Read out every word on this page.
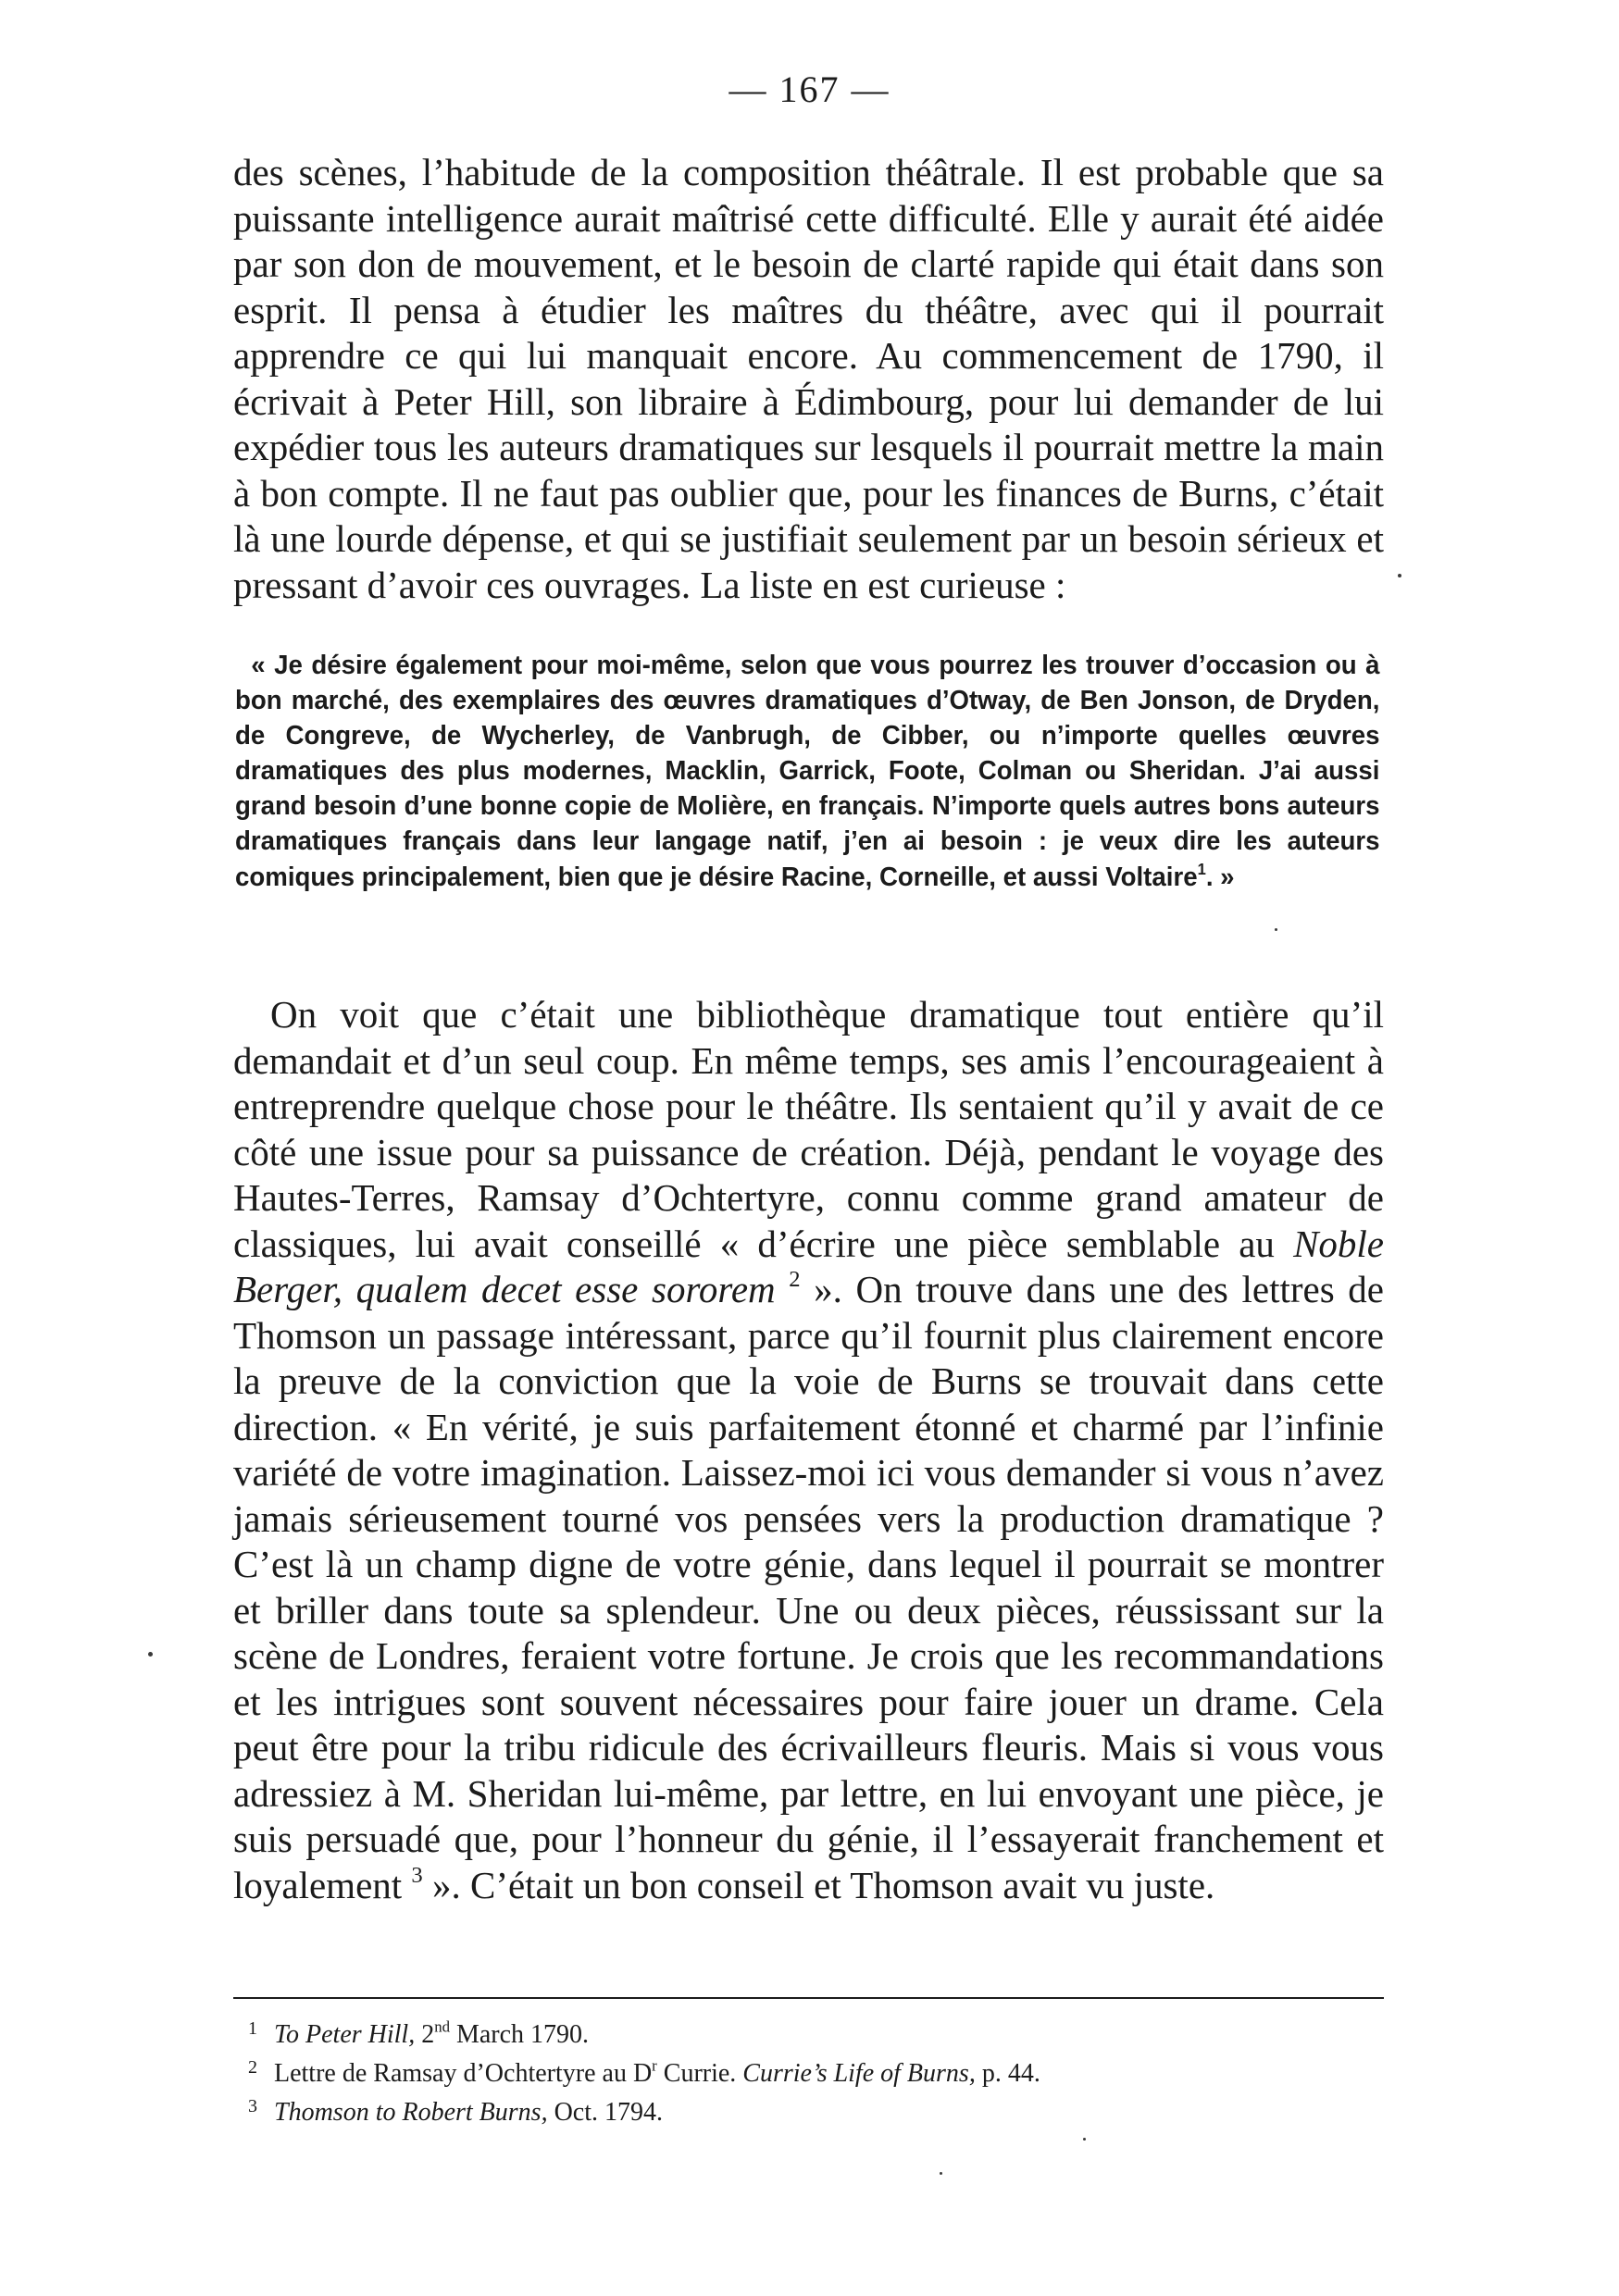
— 167 —

des scènes, l’habitude de la composition théâtrale. Il est probable que sa puissante intelligence aurait maîtrisé cette difficulté. Elle y aurait été aidée par son don de mouvement, et le besoin de clarté rapide qui était dans son esprit. Il pensa à étudier les maîtres du théâtre, avec qui il pourrait apprendre ce qui lui manquait encore. Au commencement de 1790, il écrivait à Peter Hill, son libraire à Édimbourg, pour lui demander de lui expédier tous les auteurs dramatiques sur lesquels il pourrait mettre la main à bon compte. Il ne faut pas oublier que, pour les finances de Burns, c’était là une lourde dépense, et qui se justifiait seulement par un besoin sérieux et pressant d’avoir ces ouvrages. La liste en est curieuse :

« Je désire également pour moi-même, selon que vous pourrez les trouver d’occasion ou à bon marché, des exemplaires des œuvres dramatiques d’Otway, de Ben Jonson, de Dryden, de Congreve, de Wycherley, de Vanbrugh, de Cibber, ou n’importe quelles œuvres dramatiques des plus modernes, Macklin, Garrick, Foote, Colman ou Sheridan. J’ai aussi grand besoin d’une bonne copie de Molière, en français. N’importe quels autres bons auteurs dramatiques français dans leur langage natif, j’en ai besoin : je veux dire les auteurs comiques principalement, bien que je désire Racine, Corneille, et aussi Voltaire$^1$. »

On voit que c’était une bibliothèque dramatique tout entière qu’il demandait et d’un seul coup. En même temps, ses amis l’encourageaient à entreprendre quelque chose pour le théâtre. Ils sentaient qu’il y avait de ce côté une issue pour sa puissance de création. Déjà, pendant le voyage des Hautes-Terres, Ramsay d’Ochtertyre, connu comme grand amateur de classiques, lui avait conseillé « d’écrire une pièce semblable au Noble Berger, qualem decet esse sororem $^2$ ». On trouve dans une des lettres de Thomson un passage intéressant, parce qu’il fournit plus clairement encore la preuve de la conviction que la voie de Burns se trouvait dans cette direction. « En vérité, je suis parfaitement étonné et charmé par l’infinie variété de votre imagination. Laissez-moi ici vous demander si vous n’avez jamais sérieusement tourné vos pensées vers la production dramatique ? C’est là un champ digne de votre génie, dans lequel il pourrait se montrer et briller dans toute sa splendeur. Une ou deux pièces, réussissant sur la scène de Londres, feraient votre fortune. Je crois que les recommandations et les intrigues sont souvent nécessaires pour faire jouer un drame. Cela peut être pour la tribu ridicule des écrivailleurs fleuris. Mais si vous vous adressiez à M. Sheridan lui-même, par lettre, en lui envoyant une pièce, je suis persuadé que, pour l’honneur du génie, il l’essayerait franchement et loyalement $^3$ ». C’était un bon conseil et Thomson avait vu juste.

1 To Peter Hill, 2nd March 1790.

2 Lettre de Ramsay d’Ochtertyre au $D^r$ Currie. Currie’s Life of Burns, p. 44.

3 Thomson to Robert Burns, Oct. 1794.
